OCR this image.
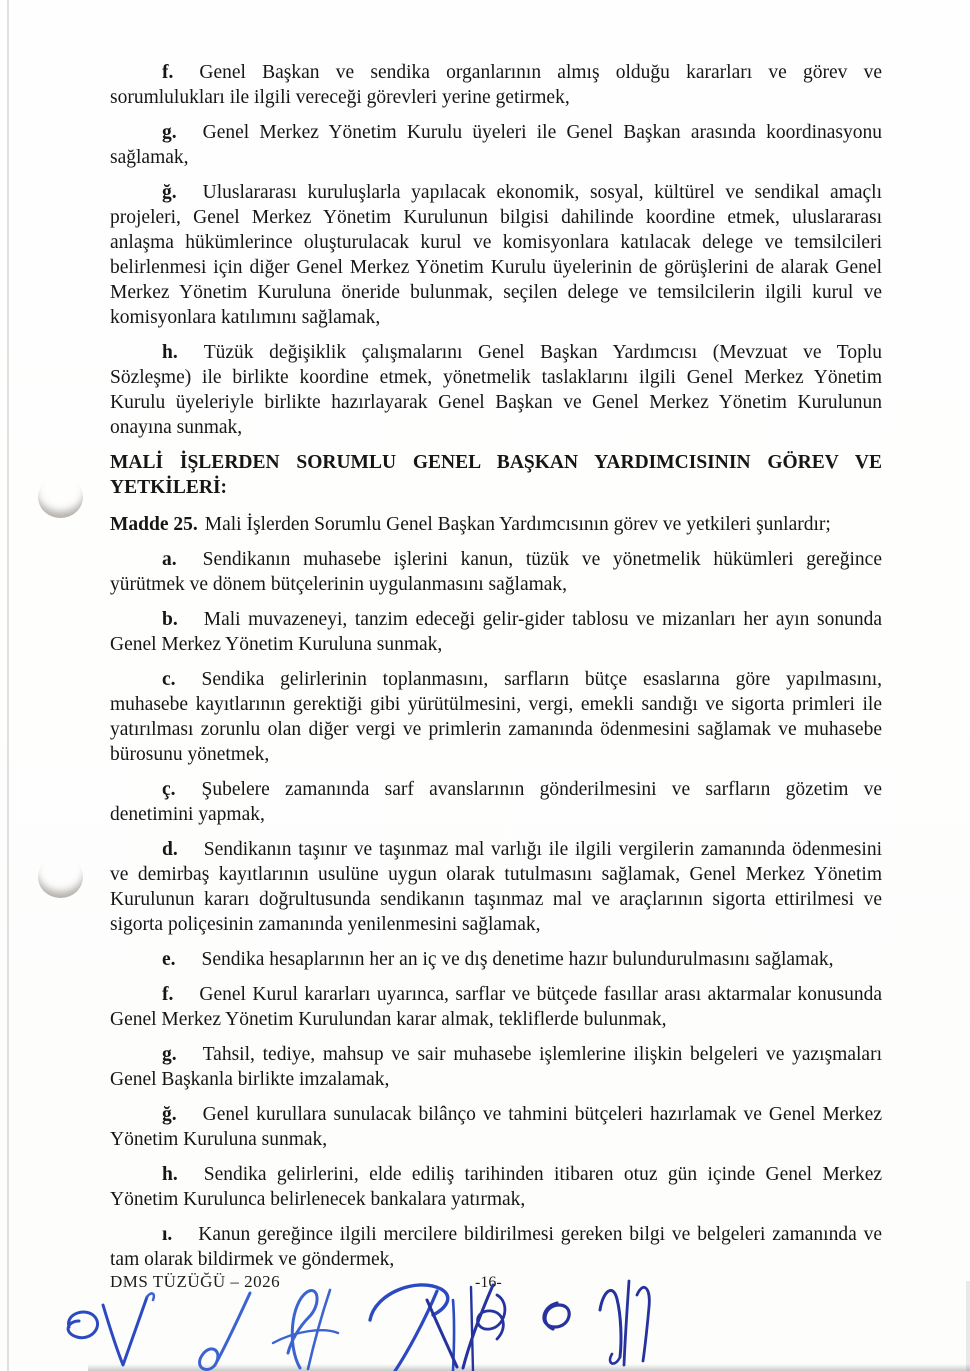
f. Genel Başkan ve sendika organlarının almış olduğu kararları ve görev ve sorumlulukları ile ilgili vereceği görevleri yerine getirmek,

g. Genel Merkez Yönetim Kurulu üyeleri ile Genel Başkan arasında koordinasyonu sağlamak,

ğ. Uluslararası kuruluşlarla yapılacak ekonomik, sosyal, kültürel ve sendikal amaçlı projeleri, Genel Merkez Yönetim Kurulunun bilgisi dahilinde koordine etmek, uluslararası anlaşma hükümlerince oluşturulacak kurul ve komisyonlara katılacak delege ve temsilcileri belirlenmesi için diğer Genel Merkez Yönetim Kurulu üyelerinin de görüşlerini de alarak Genel Merkez Yönetim Kuruluna öneride bulunmak, seçilen delege ve temsilcilerin ilgili kurul ve komisyonlara katılımını sağlamak,

h. Tüzük değişiklik çalışmalarını Genel Başkan Yardımcısı (Mevzuat ve Toplu Sözleşme) ile birlikte koordine etmek, yönetmelik taslaklarını ilgili Genel Merkez Yönetim Kurulu üyeleriyle birlikte hazırlayarak Genel Başkan ve Genel Merkez Yönetim Kurulunun onayına sunmak,

MALİ İŞLERDEN SORUMLU GENEL BAŞKAN YARDIMCISININ GÖREV VE

YETKİLERİ:

Madde 25. Mali İşlerden Sorumlu Genel Başkan Yardımcısının görev ve yetkileri şunlardır;

a. Sendikanın muhasebe işlerini kanun, tüzük ve yönetmelik hükümleri gereğince yürütmek ve dönem bütçelerinin uygulanmasını sağlamak,

b. Mali muvazeneyi, tanzim edeceği gelir-gider tablosu ve mizanları her ayın sonunda Genel Merkez Yönetim Kuruluna sunmak,

c. Sendika gelirlerinin toplanmasını, sarfların bütçe esaslarına göre yapılmasını, muhasebe kayıtlarının gerektiği gibi yürütülmesini, vergi, emekli sandığı ve sigorta primleri ile yatırılması zorunlu olan diğer vergi ve primlerin zamanında ödenmesini sağlamak ve muhasebe bürosunu yönetmek,

ç. Şubelere zamanında sarf avanslarının gönderilmesini ve sarfların gözetim ve denetimini yapmak,

d. Sendikanın taşınır ve taşınmaz mal varlığı ile ilgili vergilerin zamanında ödenmesini ve demirbaş kayıtlarının usulüne uygun olarak tutulmasını sağlamak, Genel Merkez Yönetim Kurulunun kararı doğrultusunda sendikanın taşınmaz mal ve araçlarının sigorta ettirilmesi ve sigorta poliçesinin zamanında yenilenmesini sağlamak,

e. Sendika hesaplarının her an iç ve dış denetime hazır bulundurulmasını sağlamak,

f. Genel Kurul kararları uyarınca, sarflar ve bütçede fasıllar arası aktarmalar konusunda Genel Merkez Yönetim Kurulundan karar almak, tekliflerde bulunmak,

g. Tahsil, tediye, mahsup ve sair muhasebe işlemlerine ilişkin belgeleri ve yazışmaları Genel Başkanla birlikte imzalamak,

ğ. Genel kurullara sunulacak bilânço ve tahmini bütçeleri hazırlamak ve Genel Merkez Yönetim Kuruluna sunmak,

h. Sendika gelirlerini, elde ediliş tarihinden itibaren otuz gün içinde Genel Merkez Yönetim Kurulunca belirlenecek bankalara yatırmak,

ı. Kanun gereğince ilgili mercilere bildirilmesi gereken bilgi ve belgeleri zamanında ve tam olarak bildirmek ve göndermek,

DMS TÜZÜĞÜ – 2026	-16-
